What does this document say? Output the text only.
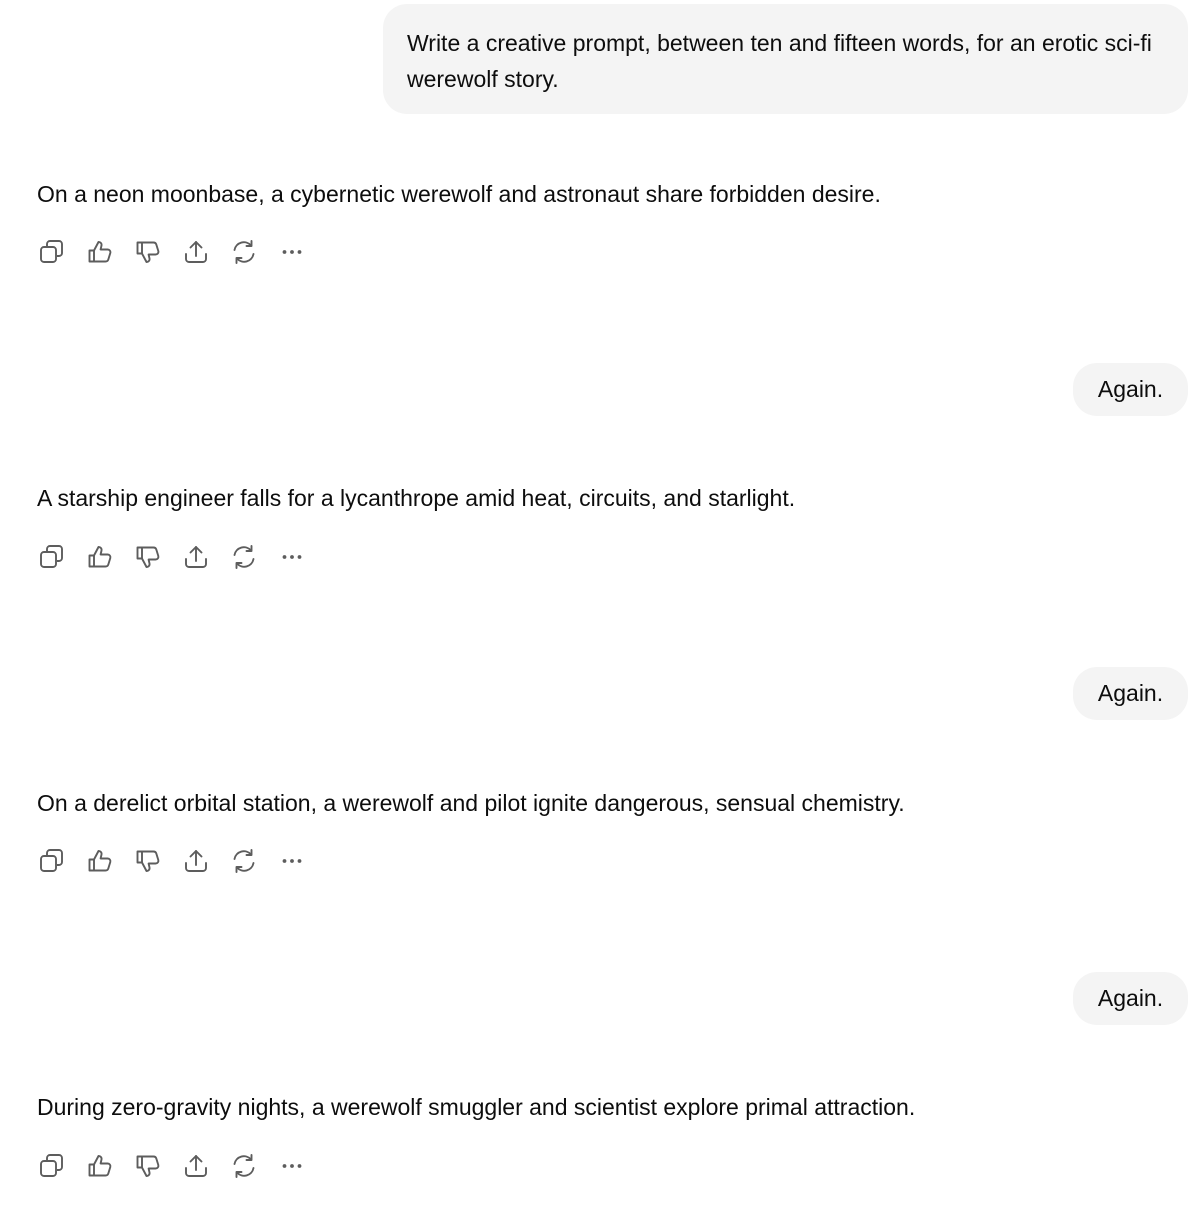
Write a creative prompt, between ten and fifteen words, for an erotic sci-fi werewolf story.
On a neon moonbase, a cybernetic werewolf and astronaut share forbidden desire.
Again.
A starship engineer falls for a lycanthrope amid heat, circuits, and starlight.
Again.
On a derelict orbital station, a werewolf and pilot ignite dangerous, sensual chemistry.
Again.
During zero-gravity nights, a werewolf smuggler and scientist explore primal attraction.
